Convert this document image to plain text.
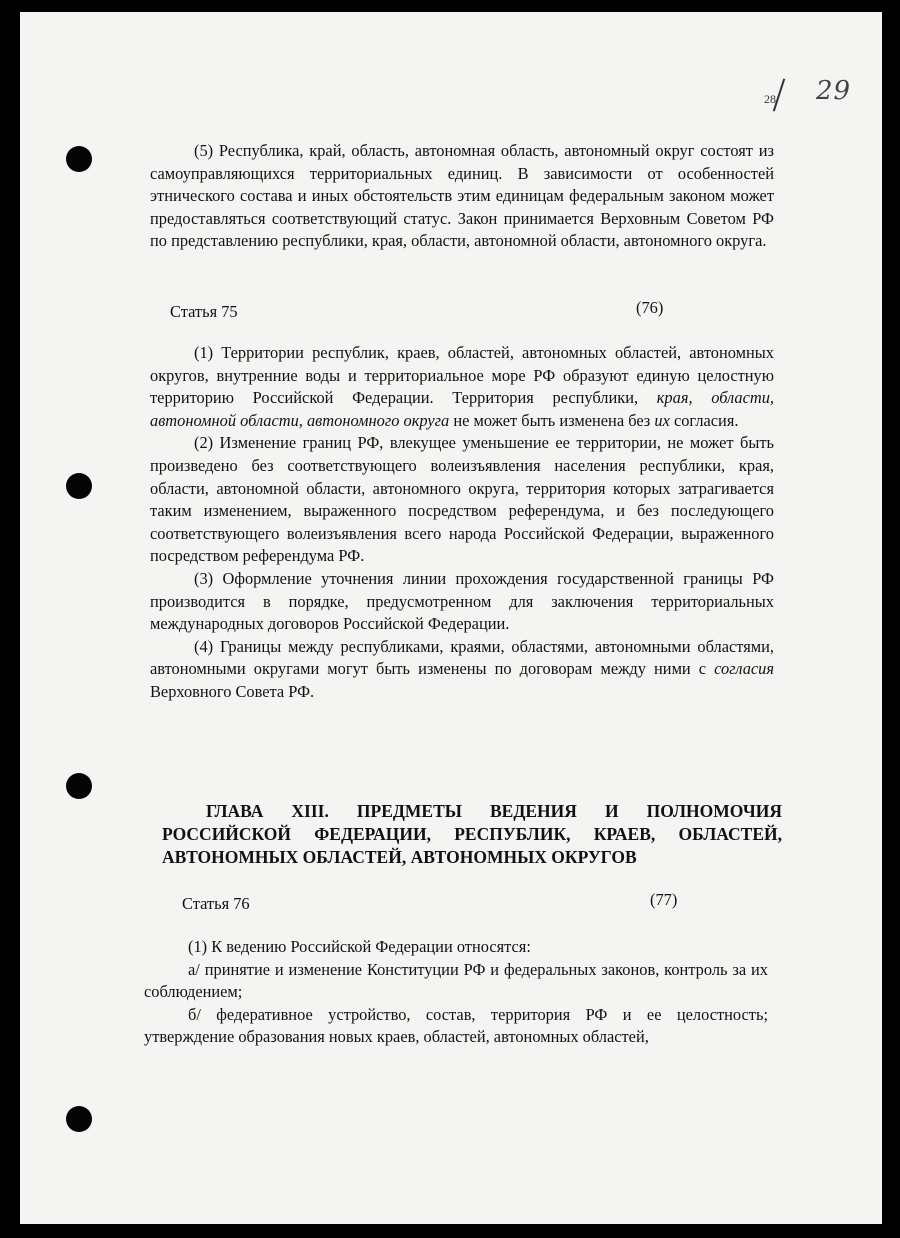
28 29

(5) Республика, край, область, автономная область, автономный округ состоят из самоуправляющихся территориальных единиц. В зависимости от особенностей этнического состава и иных обстоятельств этим единицам федеральным законом может предоставляться соответствующий статус. Закон принимается Верховным Советом РФ по представлению республики, края, области, автономной области, автономного округа.

Статья 75	(76)

(1) Территории республик, краев, областей, автономных областей, автономных округов, внутренние воды и территориальное море РФ образуют единую целостную территорию Российской Федерации. Территория республики, края, области, автономной области, автономного округа не может быть изменена без их согласия.

(2) Изменение границ РФ, влекущее уменьшение ее территории, не может быть произведено без соответствующего волеизъявления населения республики, края, области, автономной области, автономного округа, территория которых затрагивается таким изменением, выраженного посредством референдума, и без последующего соответствующего волеизъявления всего народа Российской Федерации, выраженного посредством референдума РФ.

(3) Оформление уточнения линии прохождения государственной границы РФ производится в порядке, предусмотренном для заключения территориальных международных договоров Российской Федерации.

(4) Границы между республиками, краями, областями, автономными областями, автономными округами могут быть изменены по договорам между ними с согласия Верховного Совета РФ.

ГЛАВА XIII. ПРЕДМЕТЫ ВЕДЕНИЯ И ПОЛНОМОЧИЯ РОССИЙСКОЙ ФЕДЕРАЦИИ, РЕСПУБЛИК, КРАЕВ, ОБЛАСТЕЙ, АВТОНОМНЫХ ОБЛАСТЕЙ, АВТОНОМНЫХ ОКРУГОВ
Статья 76	(77)

(1) К ведению Российской Федерации относятся:

а/ принятие и изменение Конституции РФ и федеральных законов, контроль за их соблюдением;

б/ федеративное устройство, состав, территория РФ и ее целостность; утверждение образования новых краев, областей, автономных областей,
